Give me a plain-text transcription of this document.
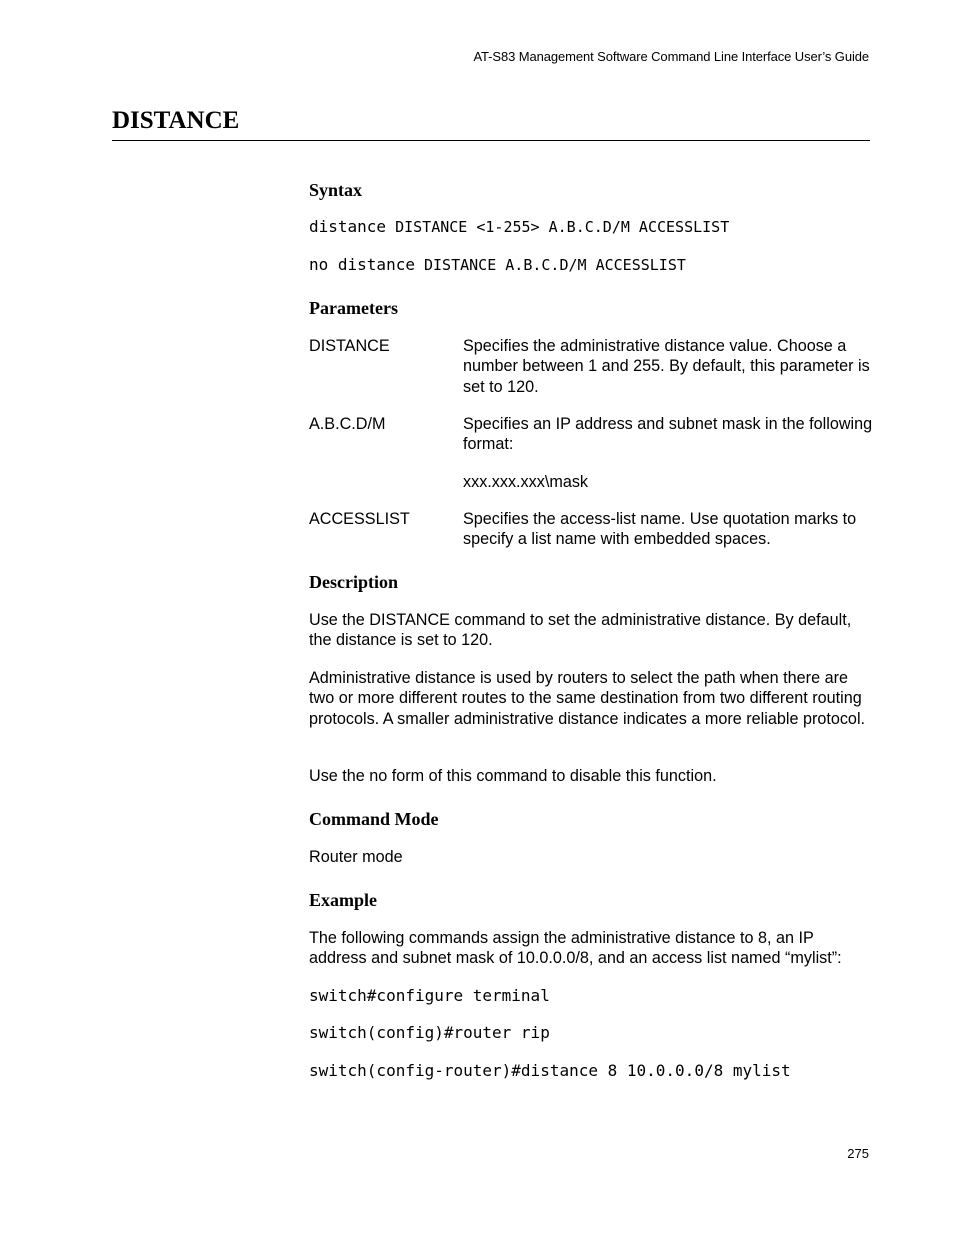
AT-S83 Management Software Command Line Interface User’s Guide
DISTANCE
Syntax
distance DISTANCE <1-255> A.B.C.D/M ACCESSLIST
no distance DISTANCE A.B.C.D/M ACCESSLIST
Parameters
DISTANCE	Specifies the administrative distance value. Choose a number between 1 and 255. By default, this parameter is set to 120.
A.B.C.D/M	Specifies an IP address and subnet mask in the following format:
xxx.xxx.xxx\mask
ACCESSLIST	Specifies the access-list name. Use quotation marks to specify a list name with embedded spaces.
Description

Use the DISTANCE command to set the administrative distance. By default, the distance is set to 120.

Administrative distance is used by routers to select the path when there are two or more different routes to the same destination from two different routing protocols. A smaller administrative distance indicates a more reliable protocol.

Use the no form of this command to disable this function.

Command Mode

Router mode

Example

The following commands assign the administrative distance to 8, an IP address and subnet mask of 10.0.0.0/8, and an access list named “mylist”:

switch#configure terminal
switch(config)#router rip
switch(config-router)#distance 8 10.0.0.0/8 mylist
275
